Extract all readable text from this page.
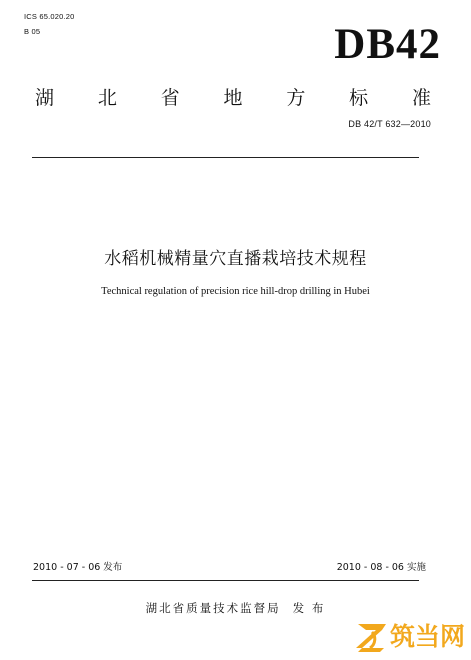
ICS 65.020.20
B 05	DB42
湖 北 省 地 方 标 准
DB 42/T 632—2010
水稻机械精量穴直播栽培技术规程
Technical regulation of precision rice hill-drop drilling in Hubei
2010 - 07 - 06 发布	2010 - 08 - 06 实施
湖北省质量技术监督局 发 布
筑当网
